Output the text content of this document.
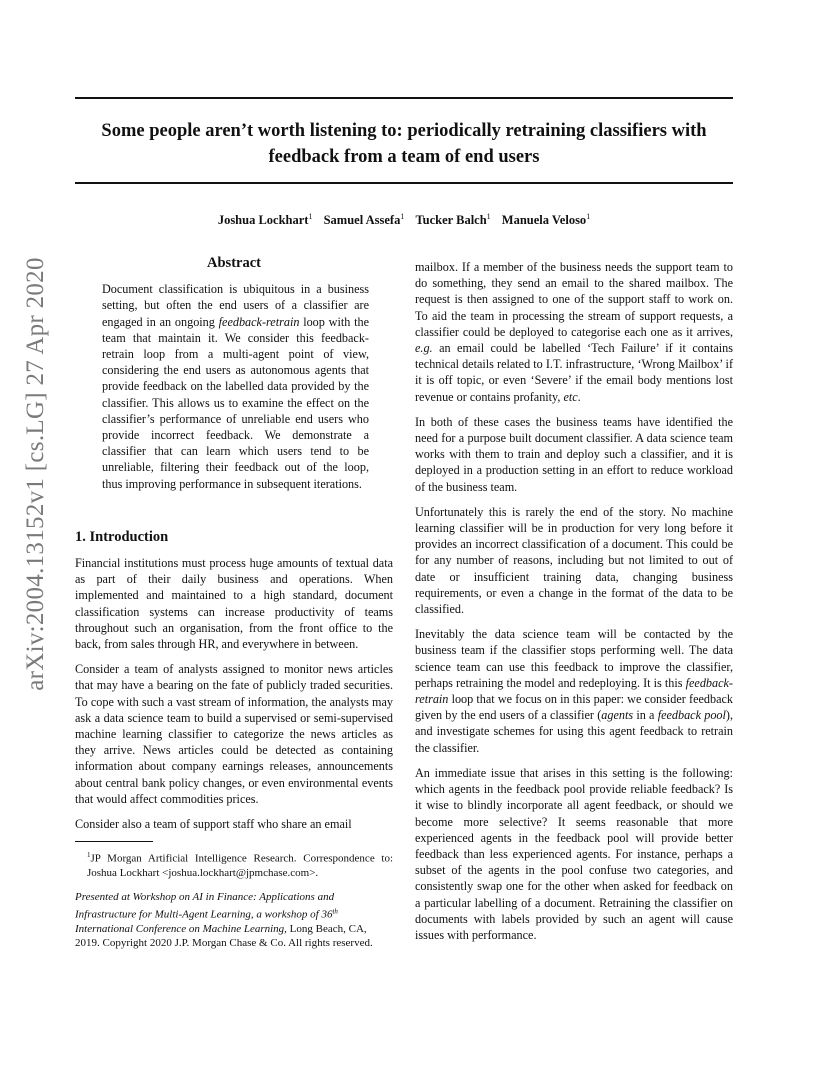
Some people aren’t worth listening to: periodically retraining classifiers with feedback from a team of end users

Joshua Lockhart$^1$ Samuel Assefa$^1$ Tucker Balch$^1$ Manuela Veloso$^1$

arXiv:2004.13152v1 [cs.LG] 27 Apr 2020	Abstract

Document classification is ubiquitous in a business setting, but often the end users of a classifier are engaged in an ongoing feedback-retrain loop with the team that maintain it. We consider this feedback-retrain loop from a multi-agent point of view, considering the end users as autonomous agents that provide feedback on the labelled data provided by the classifier. This allows us to examine the effect on the classifier’s performance of unreliable end users who provide incorrect feedback. We demonstrate a classifier that can learn which users tend to be unreliable, filtering their feedback out of the loop, thus improving performance in subsequent iterations.

1. Introduction

Financial institutions must process huge amounts of textual data as part of their daily business and operations. When implemented and maintained to a high standard, document classification systems can increase productivity of teams throughout such an organisation, from the front office to the back, from sales through HR, and everywhere in between.

Consider a team of analysts assigned to monitor news articles that may have a bearing on the fate of publicly traded securities. To cope with such a vast stream of information, the analysts may ask a data science team to build a supervised or semi-supervised machine learning classifier to categorize the news articles as they arrive. News articles could be detected as containing information about company earnings releases, announcements about central bank policy changes, or even environmental events that would affect commodities prices.

Consider also a team of support staff who share an email

$^1$JP Morgan Artificial Intelligence Research. Correspondence to: Joshua Lockhart <joshua.lockhart@jpmchase.com>.

Presented at Workshop on AI in Finance: Applications and Infrastructure for Multi-Agent Learning, a workshop of 36th International Conference on Machine Learning, Long Beach, CA, 2019. Copyright 2020 J.P. Morgan Chase & Co. All rights reserved.

mailbox. If a member of the business needs the support team to do something, they send an email to the shared mailbox. The request is then assigned to one of the support staff to work on. To aid the team in processing the stream of support requests, a classifier could be deployed to categorise each one as it arrives, e.g. an email could be labelled ‘Tech Failure’ if it contains technical details related to I.T. infrastructure, ‘Wrong Mailbox’ if it is off topic, or even ‘Severe’ if the email body mentions lost revenue or contains profanity, etc.

In both of these cases the business teams have identified the need for a purpose built document classifier. A data science team works with them to train and deploy such a classifier, and it is deployed in a production setting in an effort to reduce workload of the business team.

Unfortunately this is rarely the end of the story. No machine learning classifier will be in production for very long before it provides an incorrect classification of a document. This could be for any number of reasons, including but not limited to out of date or insufficient training data, changing business requirements, or even a change in the format of the data to be classified.

Inevitably the data science team will be contacted by the business team if the classifier stops performing well. The data science team can use this feedback to improve the classifier, perhaps retraining the model and redeploying. It is this feedback-retrain loop that we focus on in this paper: we consider feedback given by the end users of a classifier (agents in a feedback pool), and investigate schemes for using this agent feedback to retrain the classifier.

An immediate issue that arises in this setting is the following: which agents in the feedback pool provide reliable feedback? Is it wise to blindly incorporate all agent feedback, or should we become more selective? It seems reasonable that more experienced agents in the feedback pool will provide better feedback than less experienced agents. For instance, perhaps a subset of the agents in the pool confuse two categories, and consistently swap one for the other when asked for feedback on a particular labelling of a document. Retraining the classifier on documents with labels provided by such an agent will cause issues with performance.
